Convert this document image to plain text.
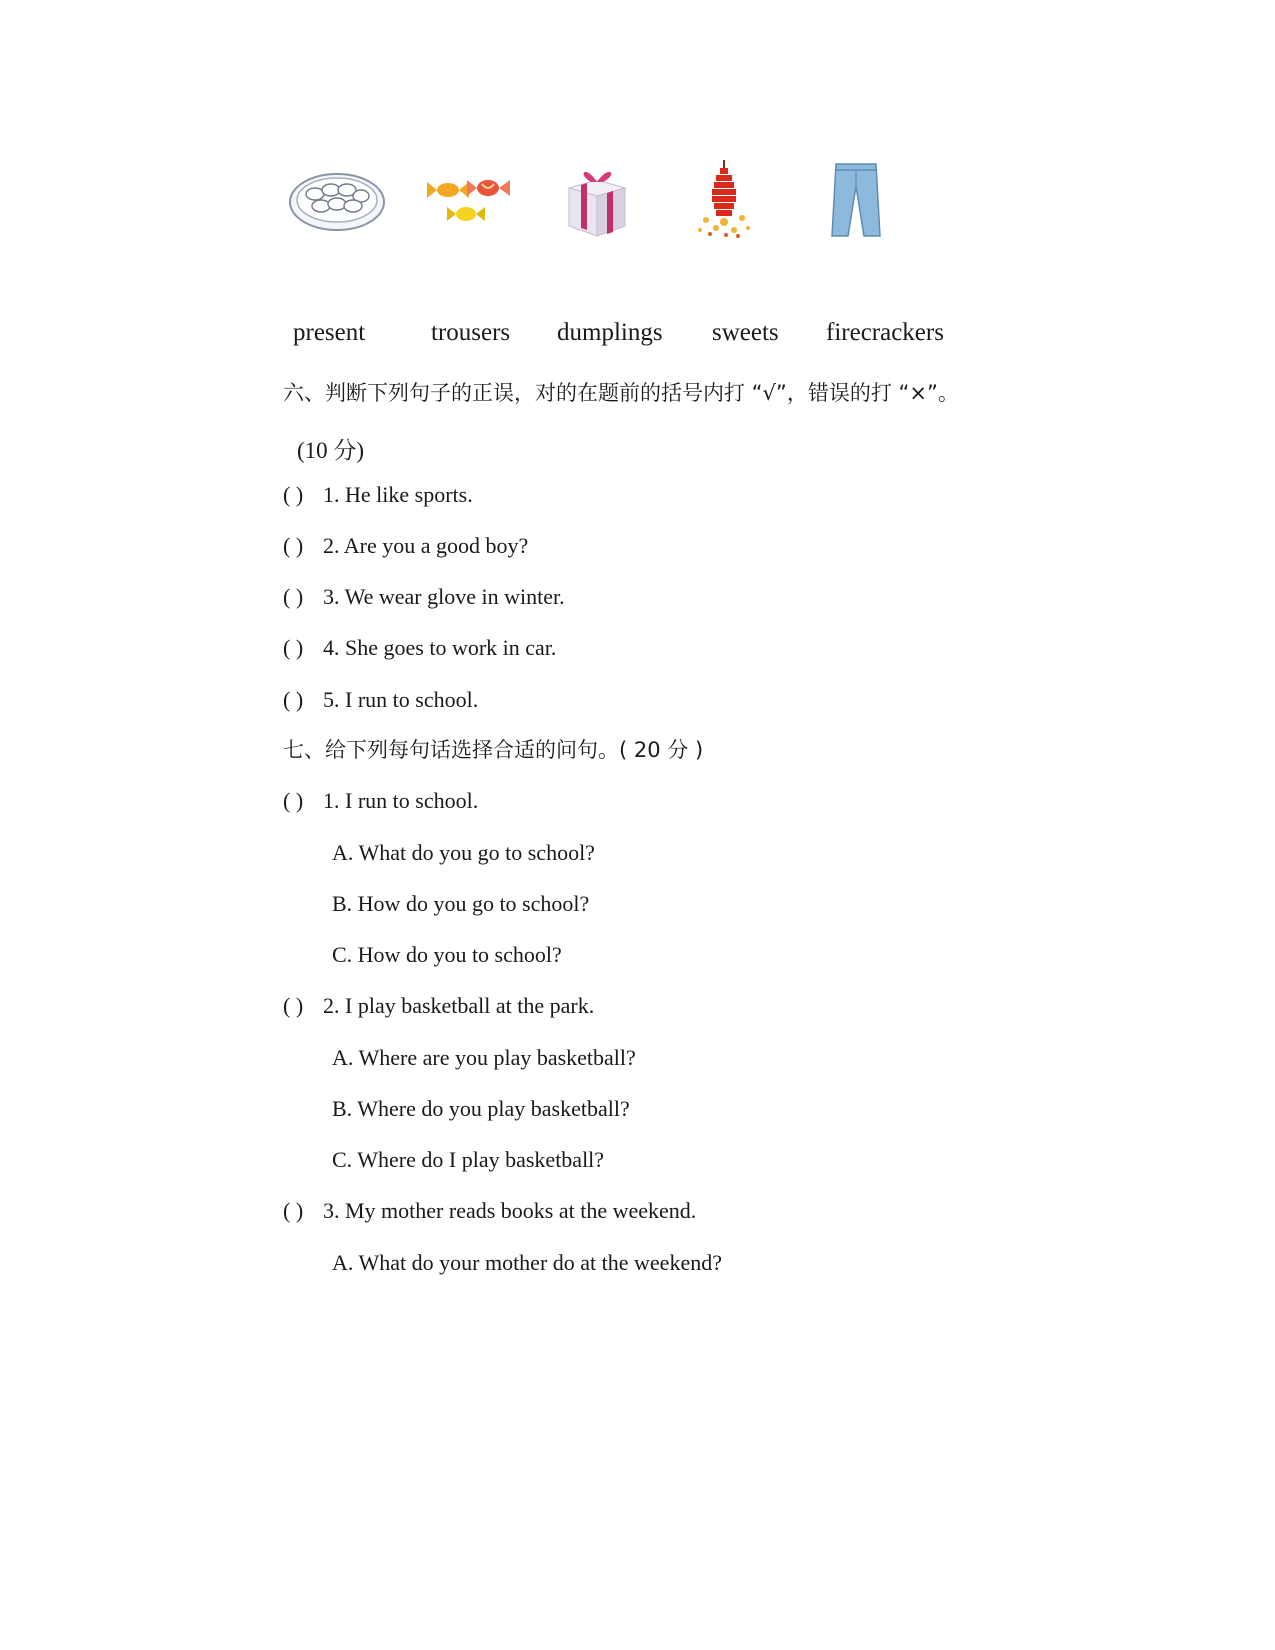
present	trousers dumplings sweets firecrackers
六、判断下列句子的正误，对的在题前的括号内打 “√”，错误的打 “×”。
(10 分)
( ) 1. He like sports.
( ) 2. Are you a good boy?
( ) 3. We wear glove in winter.
( ) 4. She goes to work in car.
( ) 5. I run to school.
七、给下列每句话选择合适的问句。( 20 分 )
( ) 1. I run to school.
A. What do you go to school?
B. How do you go to school?
C. How do you to school?
( ) 2. I play basketball at the park.
A. Where are you play basketball?
B. Where do you play basketball?
C. Where do I play basketball?
( ) 3. My mother reads books at the weekend.
A. What do your mother do at the weekend?
